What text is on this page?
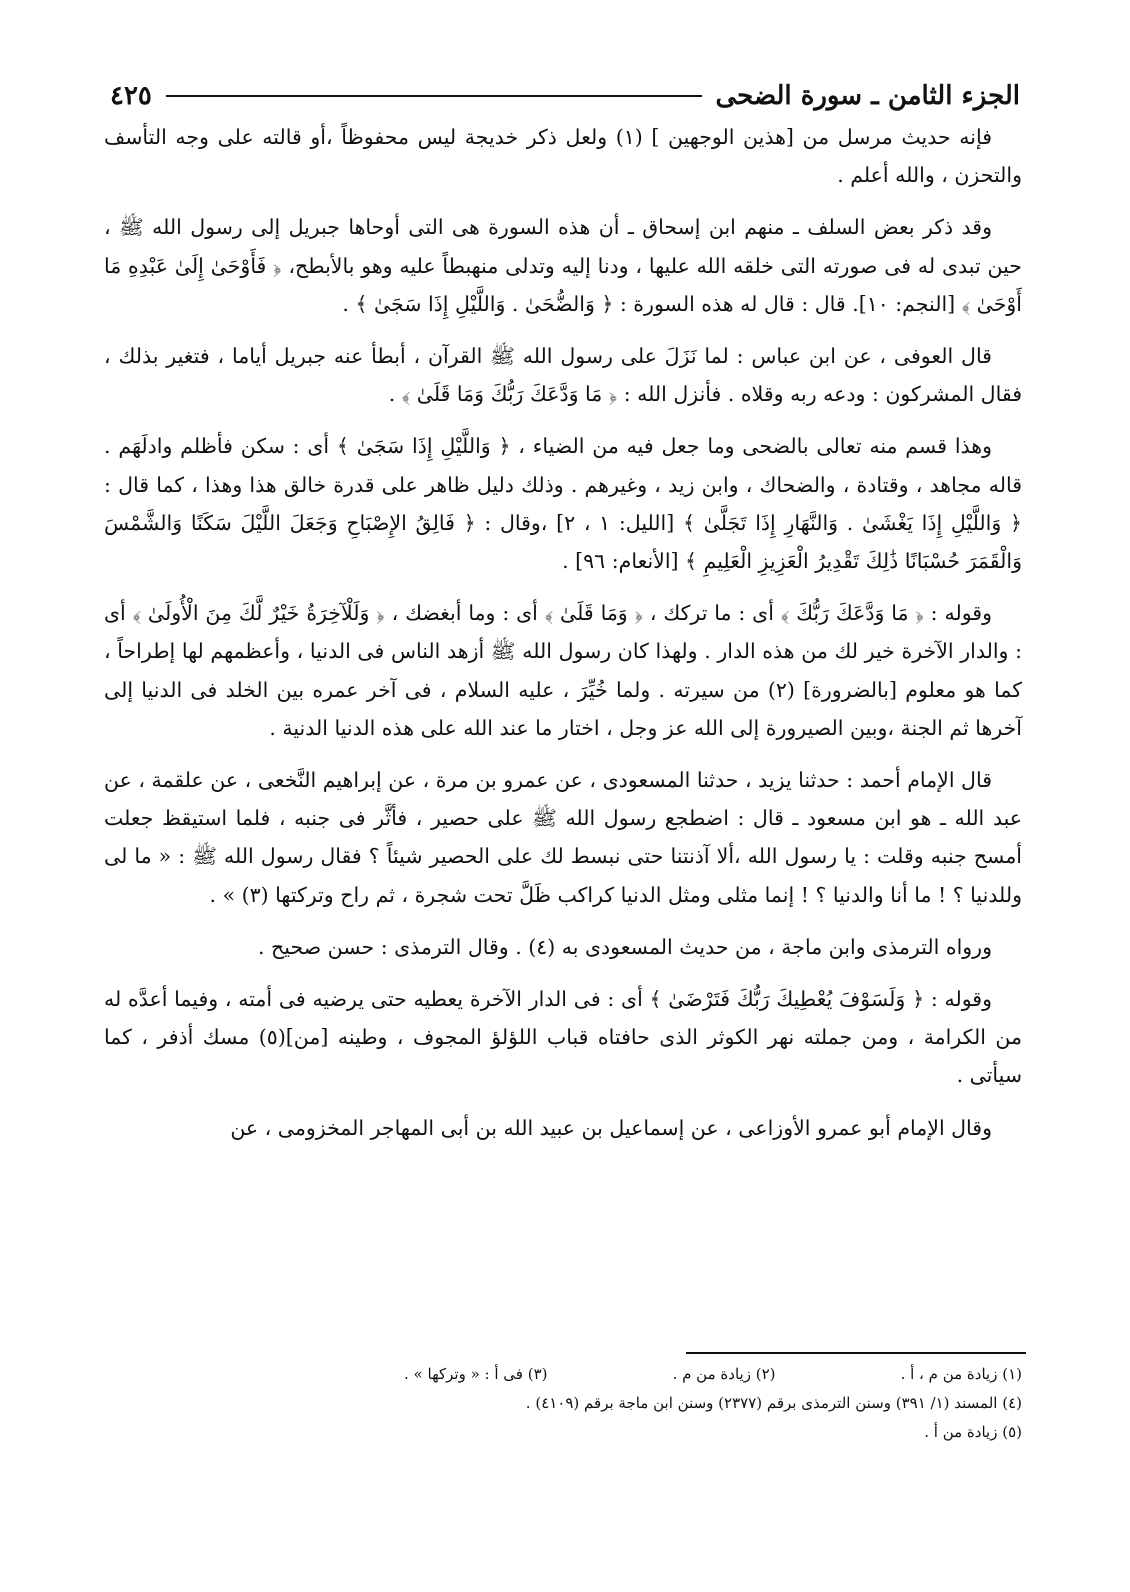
الجزء الثامن ـ سورة الضحى
٤٢٥

فإنه حديث مرسل من [هذين الوجهين ] (١) ولعل ذكر خديجة ليس محفوظاً ،أو قالته على وجه التأسف والتحزن ، والله أعلم .

وقد ذكر بعض السلف ـ منهم ابن إسحاق ـ أن هذه السورة هى التى أوحاها جبريل إلى رسول الله ﷺ ، حين تبدى له فى صورته التى خلقه الله عليها ، ودنا إليه وتدلى منهبطاً عليه وهو بالأبطح، ﴿ فَأَوْحَىٰ إِلَىٰ عَبْدِهِ مَا أَوْحَىٰ ﴾ [النجم: ١٠]. قال : قال له هذه السورة : ﴿ وَالضُّحَىٰ . وَاللَّيْلِ إِذَا سَجَىٰ ﴾ .

قال العوفى ، عن ابن عباس : لما نَزَلَ على رسول الله ﷺ القرآن ، أبطأ عنه جبريل أياما ، فتغير بذلك ، فقال المشركون : ودعه ربه وقلاه . فأنزل الله : ﴿ مَا وَدَّعَكَ رَبُّكَ وَمَا قَلَىٰ ﴾ .

وهذا قسم منه تعالى بالضحى وما جعل فيه من الضياء ، ﴿ وَاللَّيْلِ إِذَا سَجَىٰ ﴾ أى : سكن فأظلم وادلَهَم . قاله مجاهد ، وقتادة ، والضحاك ، وابن زيد ، وغيرهم . وذلك دليل ظاهر على قدرة خالق هذا وهذا ، كما قال : ﴿ وَاللَّيْلِ إِذَا يَغْشَىٰ . وَالنَّهَارِ إِذَا تَجَلَّىٰ ﴾ [الليل: ١ ، ٢] ،وقال : ﴿ فَالِقُ الإِصْبَاحِ وَجَعَلَ اللَّيْلَ سَكَنًا وَالشَّمْسَ وَالْقَمَرَ حُسْبَانًا ذَٰلِكَ تَقْدِيرُ الْعَزِيزِ الْعَلِيمِ ﴾ [الأنعام: ٩٦] .

وقوله : ﴿ مَا وَدَّعَكَ رَبُّكَ ﴾ أى : ما تركك ، ﴿ وَمَا قَلَىٰ ﴾ أى : وما أبغضك ، ﴿ وَلَلْآخِرَةُ خَيْرٌ لَّكَ مِنَ الْأُولَىٰ ﴾ أى : والدار الآخرة خير لك من هذه الدار . ولهذا كان رسول الله ﷺ أزهد الناس فى الدنيا ، وأعظمهم لها إطراحاً ، كما هو معلوم [بالضرورة] (٢) من سيرته . ولما خُيِّرَ ، عليه السلام ، فى آخر عمره بين الخلد فى الدنيا إلى آخرها ثم الجنة ،وبين الصيرورة إلى الله عز وجل ، اختار ما عند الله على هذه الدنيا الدنية .

قال الإمام أحمد : حدثنا يزيد ، حدثنا المسعودى ، عن عمرو بن مرة ، عن إبراهيم النَّخعى ، عن علقمة ، عن عبد الله ـ هو ابن مسعود ـ قال : اضطجع رسول الله ﷺ على حصير ، فأثَّر فى جنبه ، فلما استيقظ جعلت أمسح جنبه وقلت : يا رسول الله ،ألا آذنتنا حتى نبسط لك على الحصير شيئاً ؟ فقال رسول الله ﷺ : « ما لى وللدنيا ؟ ! ما أنا والدنيا ؟ ! إنما مثلى ومثل الدنيا كراكب ظَلَّ تحت شجرة ، ثم راح وتركتها (٣) » .

ورواه الترمذى وابن ماجة ، من حديث المسعودى به (٤) . وقال الترمذى : حسن صحيح .

وقوله : ﴿ وَلَسَوْفَ يُعْطِيكَ رَبُّكَ فَتَرْضَىٰ ﴾ أى : فى الدار الآخرة يعطيه حتى يرضيه فى أمته ، وفيما أعدَّه له من الكرامة ، ومن جملته نهر الكوثر الذى حافتاه قباب اللؤلؤ المجوف ، وطينه [من](٥) مسك أذفر ، كما سيأتى .

وقال الإمام أبو عمرو الأوزاعى ، عن إسماعيل بن عبيد الله بن أبى المهاجر المخزومى ، عن

(١) زيادة من م ، أ .
(٢) زيادة من م .
(٣) فى أ : « وتركها » .
(٤) المسند (١/ ٣٩١) وسنن الترمذى برقم (٢٣٧٧) وسنن ابن ماجة برقم (٤١٠٩) .
(٥) زيادة من أ .
